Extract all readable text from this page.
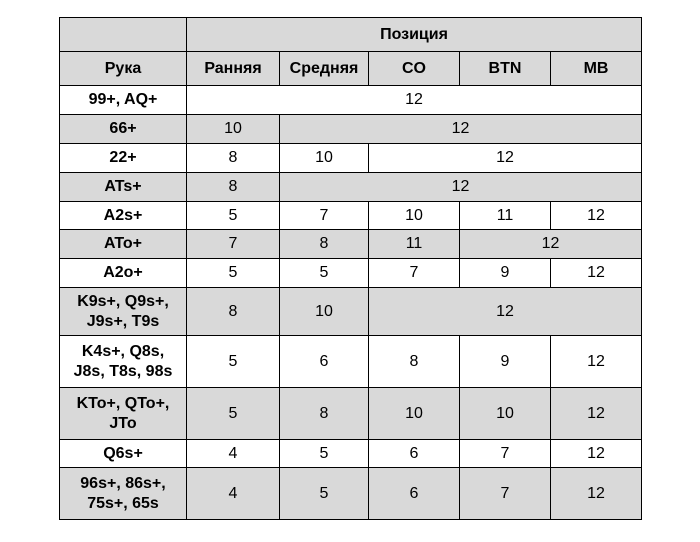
	Позиция				
Рука	Ранняя	Средняя	CO	BTN	MB
99+, AQ+	12				
66+	10	12			
22+	8	10	12		
ATs+	8	12			
A2s+	5	7	10	11	12
ATo+	7	8	11	12	
A2o+	5	5	7	9	12
K9s+, Q9s+,
J9s+, T9s	8	10	12		
K4s+, Q8s,
J8s, T8s, 98s	5	6	8	9	12
KTo+, QTo+,
JTo	5	8	10	10	12
Q6s+	4	5	6	7	12
96s+, 86s+,
75s+, 65s	4	5	6	7	12
